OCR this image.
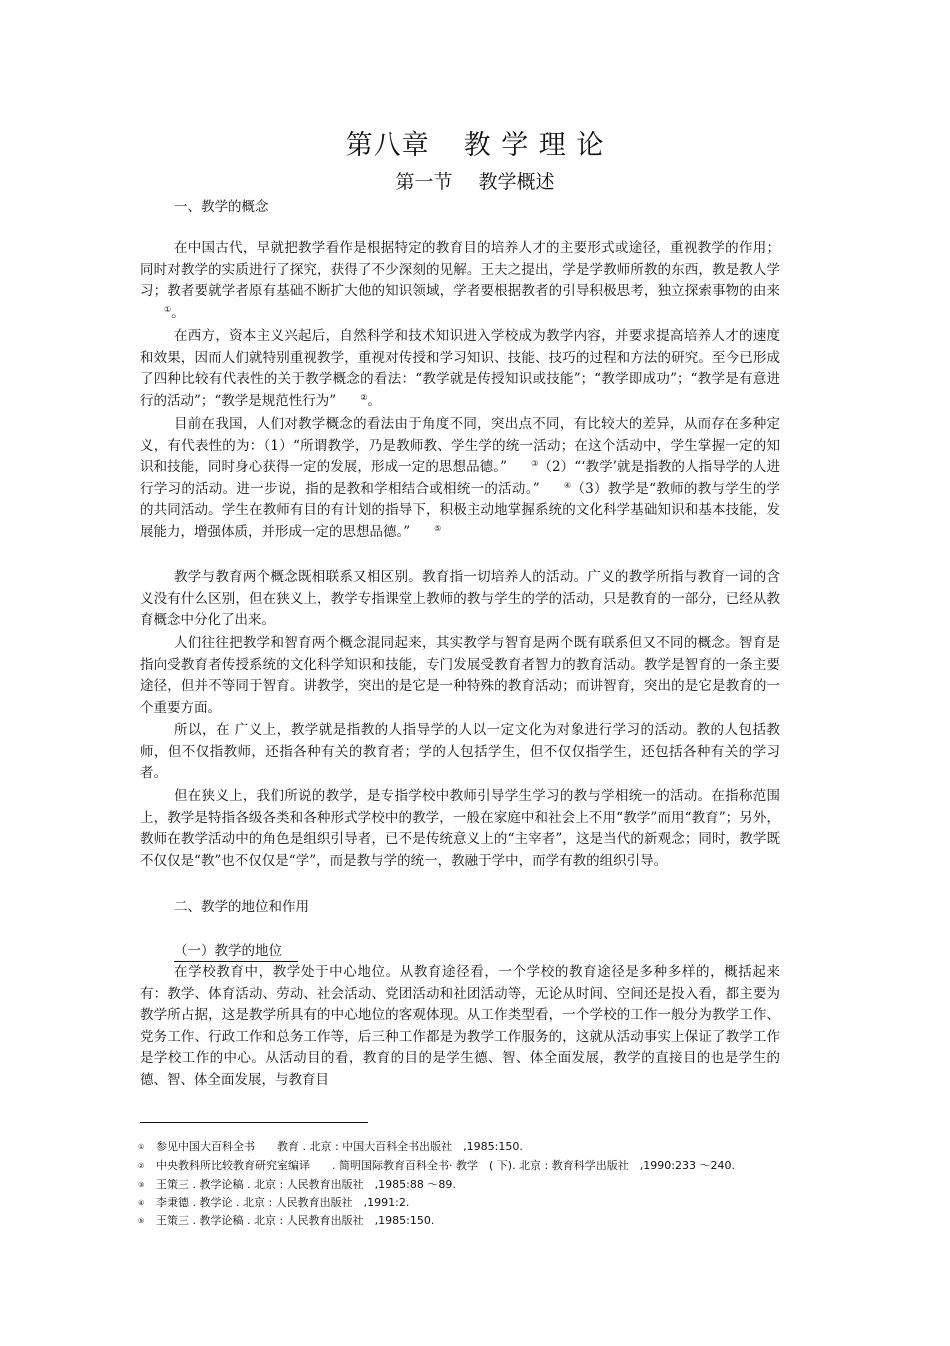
第八章 教 学 理 论
第一节 教学概述
一、教学的概念

在中国古代，早就把教学看作是根据特定的教育目的培养人才的主要形式或途径，重视教学的作用；同时对教学的实质进行了探究，获得了不少深刻的见解。王夫之提出，学是学教师所教的东西，教是教人学习；教者要就学者原有基础不断扩大他的知识领域，学者要根据教者的引导积极思考，独立探索事物的由来①。

在西方，资本主义兴起后，自然科学和技术知识进入学校成为教学内容，并要求提高培养人才的速度和效果，因而人们就特别重视教学，重视对传授和学习知识、技能、技巧的过程和方法的研究。至今已形成了四种比较有代表性的关于教学概念的看法：“教学就是传授知识或技能”；“教学即成功”；“教学是有意进行的活动”；“教学是规范性行为”	②。

目前在我国，人们对教学概念的看法由于角度不同，突出点不同，有比较大的差异，从而存在多种定义，有代表性的为：（1）“所谓教学，乃是教师教、学生学的统一活动；在这个活动中，学生掌握一定的知识和技能，同时身心获得一定的发展，形成一定的思想品德。”	③（2）“‘教学’就是指教的人指导学的人进行学习的活动。进一步说，指的是教和学相结合或相统一的活动。”	④（3）教学是“教师的教与学生的学的共同活动。学生在教师有目的有计划的指导下，积极主动地掌握系统的文化科学基础知识和基本技能，发展能力，增强体质，并形成一定的思想品德。”	⑤

教学与教育两个概念既相联系又相区别。教育指一切培养人的活动。广义的教学所指与教育一词的含义没有什么区别，但在狭义上，教学专指课堂上教师的教与学生的学的活动，只是教育的一部分，已经从教育概念中分化了出来。

人们往往把教学和智育两个概念混同起来，其实教学与智育是两个既有联系但又不同的概念。智育是指向受教育者传授系统的文化科学知识和技能，专门发展受教育者智力的教育活动。教学是智育的一条主要途径，但并不等同于智育。讲教学，突出的是它是一种特殊的教育活动；而讲智育，突出的是它是教育的一个重要方面。

所以，在 广义上，教学就是指教的人指导学的人以一定文化为对象进行学习的活动。教的人包括教师，但不仅指教师，还指各种有关的教育者；学的人包括学生，但不仅仅指学生，还包括各种有关的学习者。

但在狭义上，我们所说的教学，是专指学校中教师引导学生学习的教与学相统一的活动。在指称范围上，教学是特指各级各类和各种形式学校中的教学，一般在家庭中和社会上不用“教学”而用“教育”；另外，教师在教学活动中的角色是组织引导者，已不是传统意义上的“主宰者”，这是当代的新观念；同时，教学既不仅仅是“教”也不仅仅是“学”，而是教与学的统一，教融于学中，而学有教的组织引导。

二、教学的地位和作用
（一）教学的地位

在学校教育中，教学处于中心地位。从教育途径看，一个学校的教育途径是多种多样的，概括起来有：教学、体育活动、劳动、社会活动、党团活动和社团活动等，无论从时间、空间还是投入看，都主要为教学所占据，这是教学所具有的中心地位的客观体现。从工作类型看，一个学校的工作一般分为教学工作、党务工作、行政工作和总务工作等，后三种工作都是为教学工作服务的，这就从活动事实上保证了教学工作是学校工作的中心。从活动目的看，教育的目的是学生德、智、体全面发展，教学的直接目的也是学生的德、智、体全面发展，与教育目

① 参见中国大百科全书　　教育 . 北京 : 中国大百科全书出版社　,1985:150.
② 中央教科所比较教育研究室编译　　. 简明国际教育百科全书· 教学　( 下). 北京 : 教育科学出版社　,1990:233 ～240.
③ 王策三 . 教学论稿 . 北京 : 人民教育出版社　,1985:88 ～89.
④ 李秉德 . 教学论 . 北京 : 人民教育出版社　,1991:2.
⑤ 王策三 . 教学论稿 . 北京 : 人民教育出版社　,1985:150.
